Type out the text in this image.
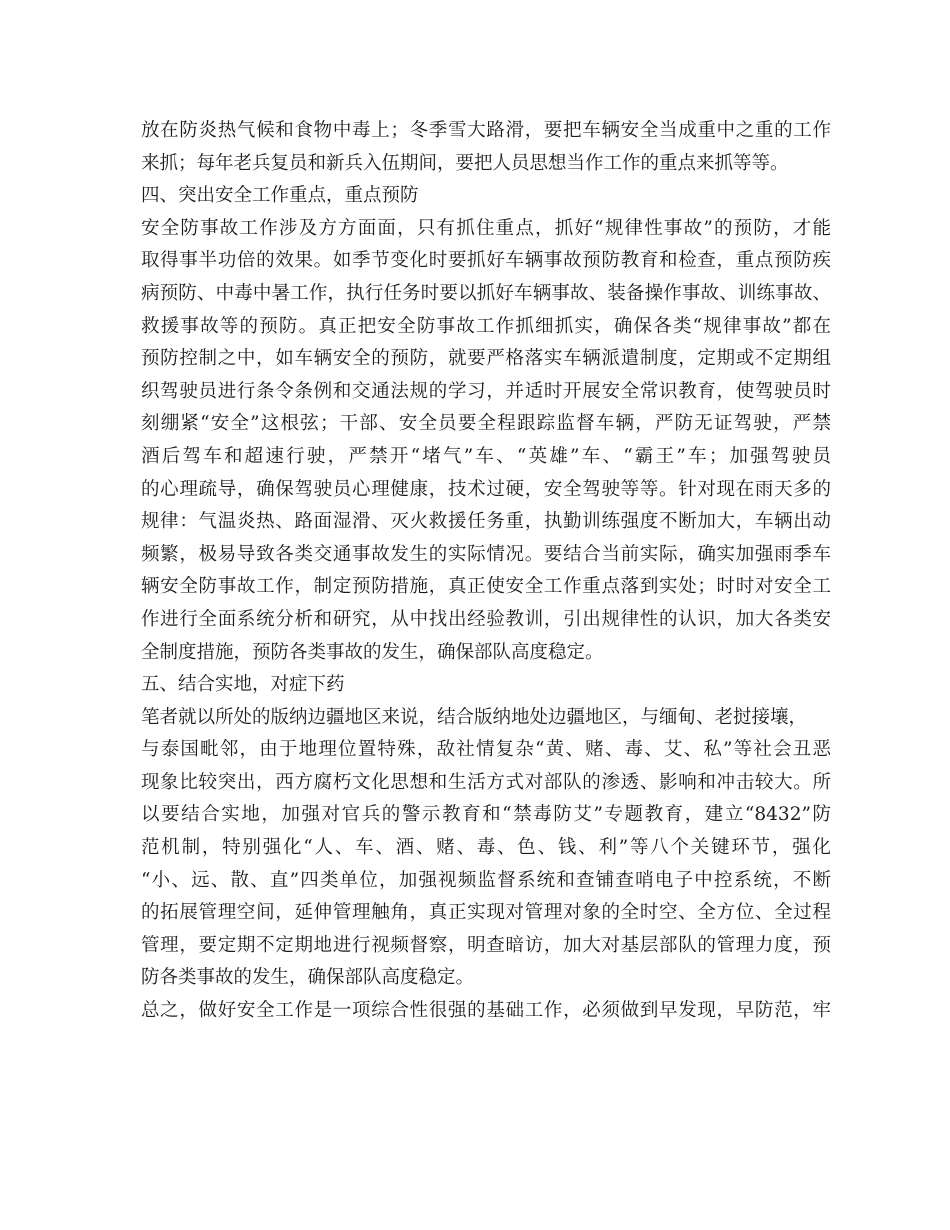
放在防炎热气候和食物中毒上；冬季雪大路滑，要把车辆安全当成重中之重的工作
来抓；每年老兵复员和新兵入伍期间，要把人员思想当作工作的重点来抓等等。
四、突出安全工作重点，重点预防
安全防事故工作涉及方方面面，只有抓住重点，抓好“规律性事故”的预防，才能
取得事半功倍的效果。如季节变化时要抓好车辆事故预防教育和检查，重点预防疾
病预防、中毒中暑工作，执行任务时要以抓好车辆事故、装备操作事故、训练事故、
救援事故等的预防。真正把安全防事故工作抓细抓实，确保各类“规律事故”都在
预防控制之中，如车辆安全的预防，就要严格落实车辆派遣制度，定期或不定期组
织驾驶员进行条令条例和交通法规的学习，并适时开展安全常识教育，使驾驶员时
刻绷紧“安全”这根弦；干部、安全员要全程跟踪监督车辆，严防无证驾驶，严禁
酒后驾车和超速行驶，严禁开“堵气”车、“英雄”车、“霸王”车；加强驾驶员
的心理疏导，确保驾驶员心理健康，技术过硬，安全驾驶等等。针对现在雨天多的
规律：气温炎热、路面湿滑、灭火救援任务重，执勤训练强度不断加大，车辆出动
频繁，极易导致各类交通事故发生的实际情况。要结合当前实际，确实加强雨季车
辆安全防事故工作，制定预防措施，真正使安全工作重点落到实处；时时对安全工
作进行全面系统分析和研究，从中找出经验教训，引出规律性的认识，加大各类安
全制度措施，预防各类事故的发生，确保部队高度稳定。
五、结合实地，对症下药
笔者就以所处的版纳边疆地区来说，结合版纳地处边疆地区，与缅甸、老挝接壤，
与泰国毗邻，由于地理位置特殊，敌社情复杂“黄、赌、毒、艾、私”等社会丑恶
现象比较突出，西方腐朽文化思想和生活方式对部队的渗透、影响和冲击较大。所
以要结合实地，加强对官兵的警示教育和“禁毒防艾”专题教育，建立“8432”防
范机制，特别强化“人、车、酒、赌、毒、色、钱、利”等八个关键环节，强化
“小、远、散、直”四类单位，加强视频监督系统和查铺查哨电子中控系统，不断
的拓展管理空间，延伸管理触角，真正实现对管理对象的全时空、全方位、全过程
管理，要定期不定期地进行视频督察，明查暗访，加大对基层部队的管理力度，预
防各类事故的发生，确保部队高度稳定。
总之，做好安全工作是一项综合性很强的基础工作，必须做到早发现，早防范，牢
